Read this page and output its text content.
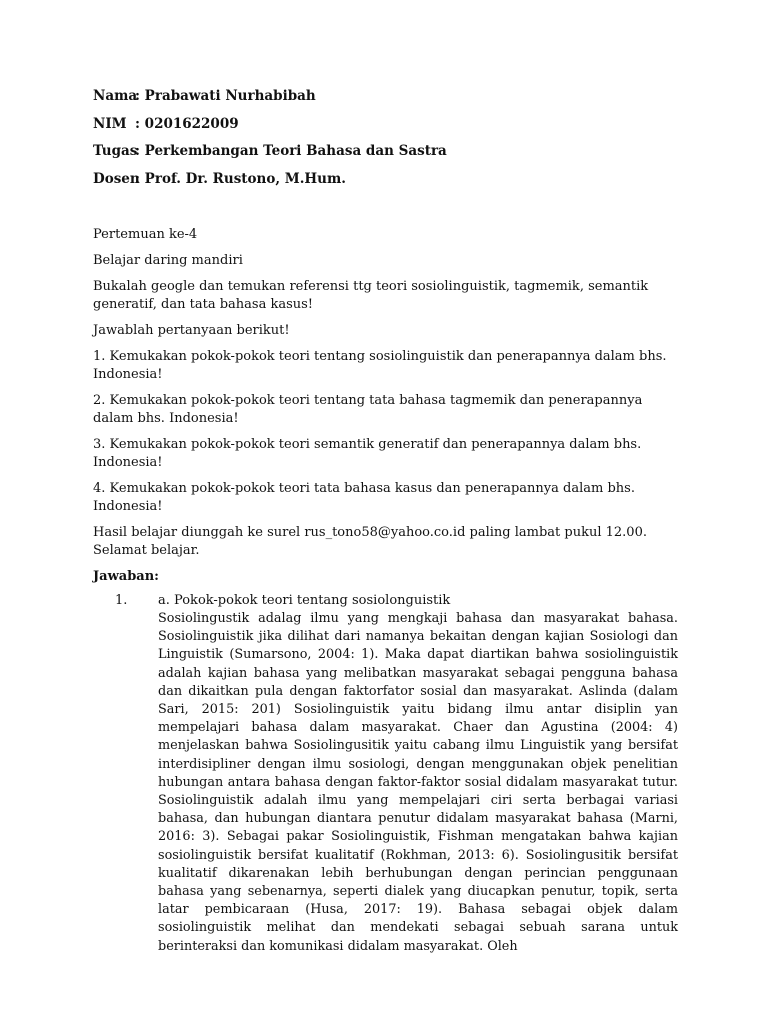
Nama
: Prabawati Nurhabibah
NIM : 0201622009
Tugas
: Perkembangan Teori Bahasa dan Sastra
Dosen
: Prof. Dr. Rustono, M.Hum.

Pertemuan ke-4

Belajar daring mandiri

Bukalah geogle dan temukan referensi ttg teori sosiolinguistik, tagmemik, semantik generatif, dan tata bahasa kasus!

Jawablah pertanyaan berikut!

1. Kemukakan pokok-pokok teori tentang sosiolinguistik dan penerapannya dalam bhs. Indonesia!

2. Kemukakan pokok-pokok teori tentang tata bahasa tagmemik dan penerapannya dalam bhs. Indonesia!

3. Kemukakan pokok-pokok teori semantik generatif dan penerapannya dalam bhs. Indonesia!

4. Kemukakan pokok-pokok teori tata bahasa kasus dan penerapannya dalam bhs. Indonesia!

Hasil belajar diunggah ke surel rus_tono58@yahoo.co.id paling lambat pukul 12.00. Selamat belajar.

Jawaban:

1. a. Pokok-pokok teori tentang sosiolonguistik

Sosiolingustik adalag ilmu yang mengkaji bahasa dan masyarakat bahasa. Sosiolinguistik jika dilihat dari namanya bekaitan dengan kajian Sosiologi dan Linguistik (Sumarsono, 2004: 1). Maka dapat diartikan bahwa sosiolinguistik adalah kajian bahasa yang melibatkan masyarakat sebagai pengguna bahasa dan dikaitkan pula dengan faktorfator sosial dan masyarakat. Aslinda (dalam Sari, 2015: 201) Sosiolinguistik yaitu bidang ilmu antar disiplin yan mempelajari bahasa dalam masyarakat. Chaer dan Agustina (2004: 4) menjelaskan bahwa Sosiolingusitik yaitu cabang ilmu Linguistik yang bersifat interdisipliner dengan ilmu sosiologi, dengan menggunakan objek penelitian hubungan antara bahasa dengan faktor-faktor sosial didalam masyarakat tutur. Sosiolinguistik adalah ilmu yang mempelajari ciri serta berbagai variasi bahasa, dan hubungan diantara penutur didalam masyarakat bahasa (Marni, 2016: 3). Sebagai pakar Sosiolinguistik, Fishman mengatakan bahwa kajian sosiolinguistik bersifat kualitatif (Rokhman, 2013: 6). Sosiolingusitik bersifat kualitatif dikarenakan lebih berhubungan dengan perincian penggunaan bahasa yang sebenarnya, seperti dialek yang diucapkan penutur, topik, serta latar pembicaraan (Husa, 2017: 19). Bahasa sebagai objek dalam sosiolinguistik melihat dan mendekati sebagai sebuah sarana untuk berinteraksi dan komunikasi didalam masyarakat. Oleh
